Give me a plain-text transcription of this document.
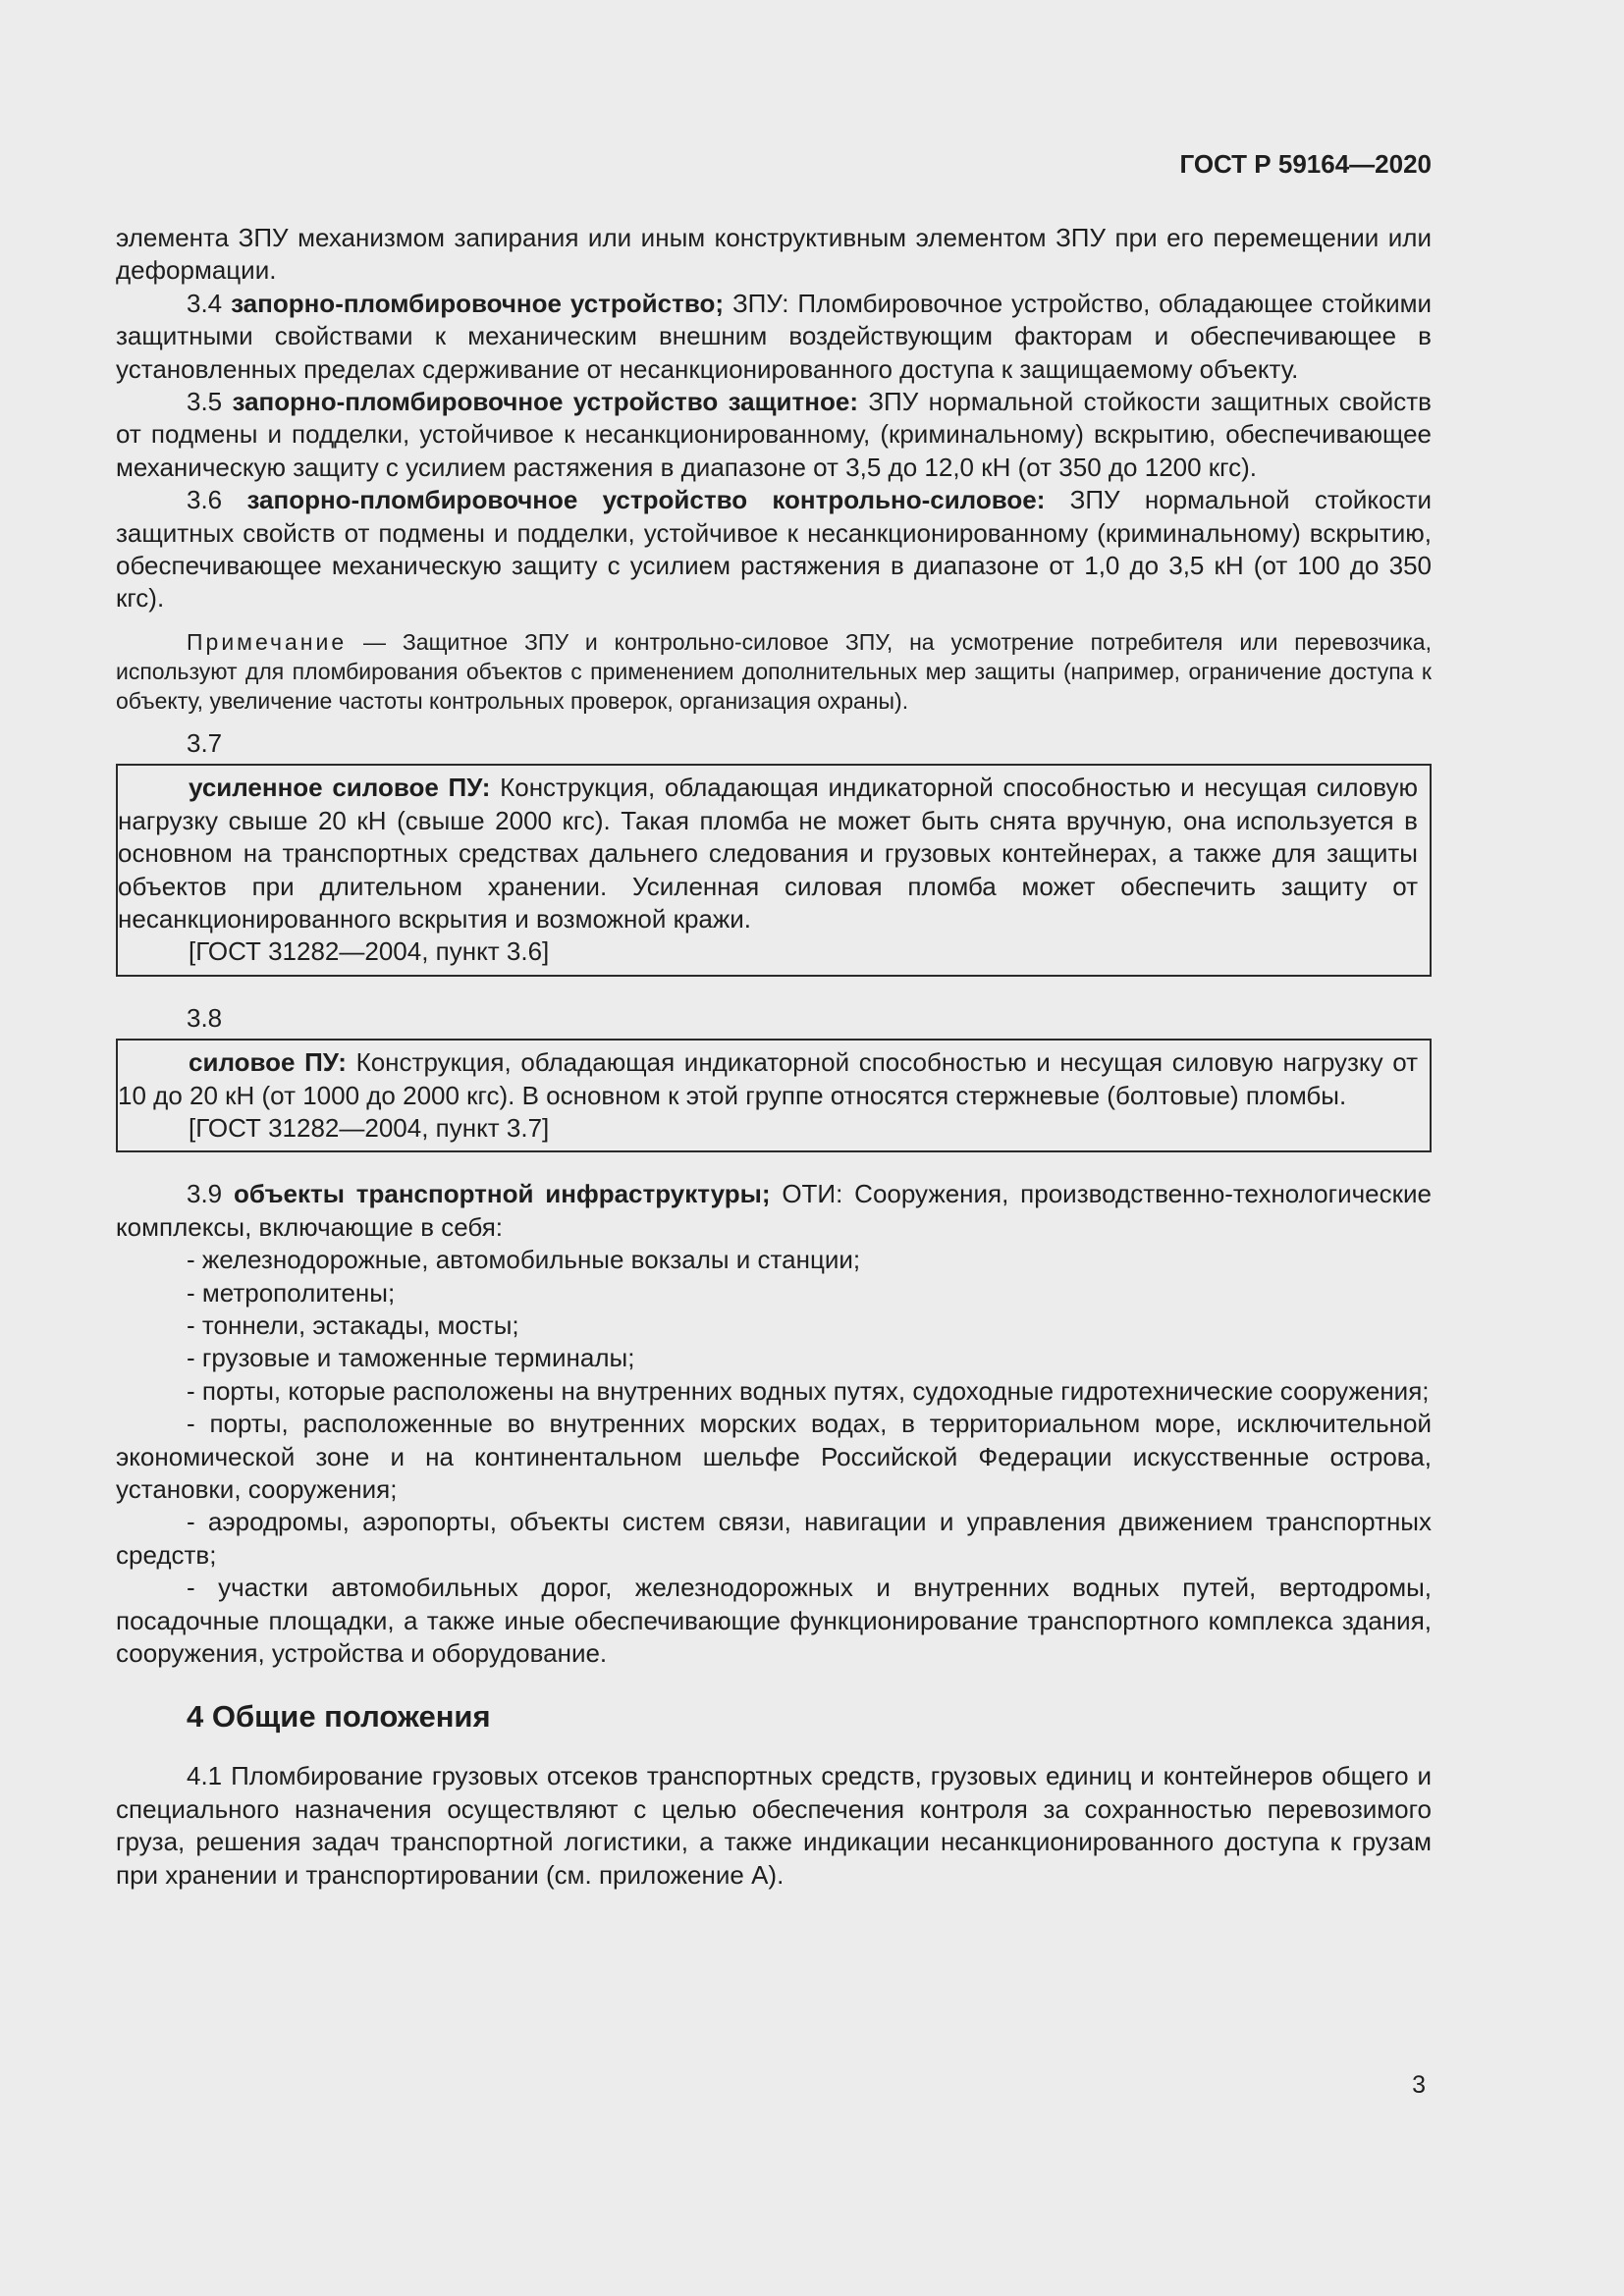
ГОСТ Р 59164—2020

элемента ЗПУ механизмом запирания или иным конструктивным элементом ЗПУ при его перемещении или деформации.

3.4 запорно-пломбировочное устройство; ЗПУ: Пломбировочное устройство, обладающее стойкими защитными свойствами к механическим внешним воздействующим факторам и обеспечивающее в установленных пределах сдерживание от несанкционированного доступа к защищаемому объекту.

3.5 запорно-пломбировочное устройство защитное: ЗПУ нормальной стойкости защитных свойств от подмены и подделки, устойчивое к несанкционированному, (криминальному) вскрытию, обеспечивающее механическую защиту с усилием растяжения в диапазоне от 3,5 до 12,0 кН (от 350 до 1200 кгс).

3.6 запорно-пломбировочное устройство контрольно-силовое: ЗПУ нормальной стойкости защитных свойств от подмены и подделки, устойчивое к несанкционированному (криминальному) вскрытию, обеспечивающее механическую защиту с усилием растяжения в диапазоне от 1,0 до 3,5 кН (от 100 до 350 кгс).

Примечание — Защитное ЗПУ и контрольно-силовое ЗПУ, на усмотрение потребителя или перевозчика, используют для пломбирования объектов с применением дополнительных мер защиты (например, ограничение доступа к объекту, увеличение частоты контрольных проверок, организация охраны).

3.7

усиленное силовое ПУ: Конструкция, обладающая индикаторной способностью и несущая силовую нагрузку свыше 20 кН (свыше 2000 кгс). Такая пломба не может быть снята вручную, она используется в основном на транспортных средствах дальнего следования и грузовых контейнерах, а также для защиты объектов при длительном хранении. Усиленная силовая пломба может обеспечить защиту от несанкционированного вскрытия и возможной кражи.

[ГОСТ 31282—2004, пункт 3.6]

3.8

силовое ПУ: Конструкция, обладающая индикаторной способностью и несущая силовую нагрузку от 10 до 20 кН (от 1000 до 2000 кгс). В основном к этой группе относятся стержневые (болтовые) пломбы.

[ГОСТ 31282—2004, пункт 3.7]

3.9 объекты транспортной инфраструктуры; ОТИ: Сооружения, производственно-технологические комплексы, включающие в себя:

- железнодорожные, автомобильные вокзалы и станции;

- метрополитены;

- тоннели, эстакады, мосты;

- грузовые и таможенные терминалы;

- порты, которые расположены на внутренних водных путях, судоходные гидротехнические сооружения;

- порты, расположенные во внутренних морских водах, в территориальном море, исключительной экономической зоне и на континентальном шельфе Российской Федерации искусственные острова, установки, сооружения;

- аэродромы, аэропорты, объекты систем связи, навигации и управления движением транспортных средств;

- участки автомобильных дорог, железнодорожных и внутренних водных путей, вертодромы, посадочные площадки, а также иные обеспечивающие функционирование транспортного комплекса здания, сооружения, устройства и оборудование.

4 Общие положения

4.1 Пломбирование грузовых отсеков транспортных средств, грузовых единиц и контейнеров общего и специального назначения осуществляют с целью обеспечения контроля за сохранностью перевозимого груза, решения задач транспортной логистики, а также индикации несанкционированного доступа к грузам при хранении и транспортировании (см. приложение А).

3
